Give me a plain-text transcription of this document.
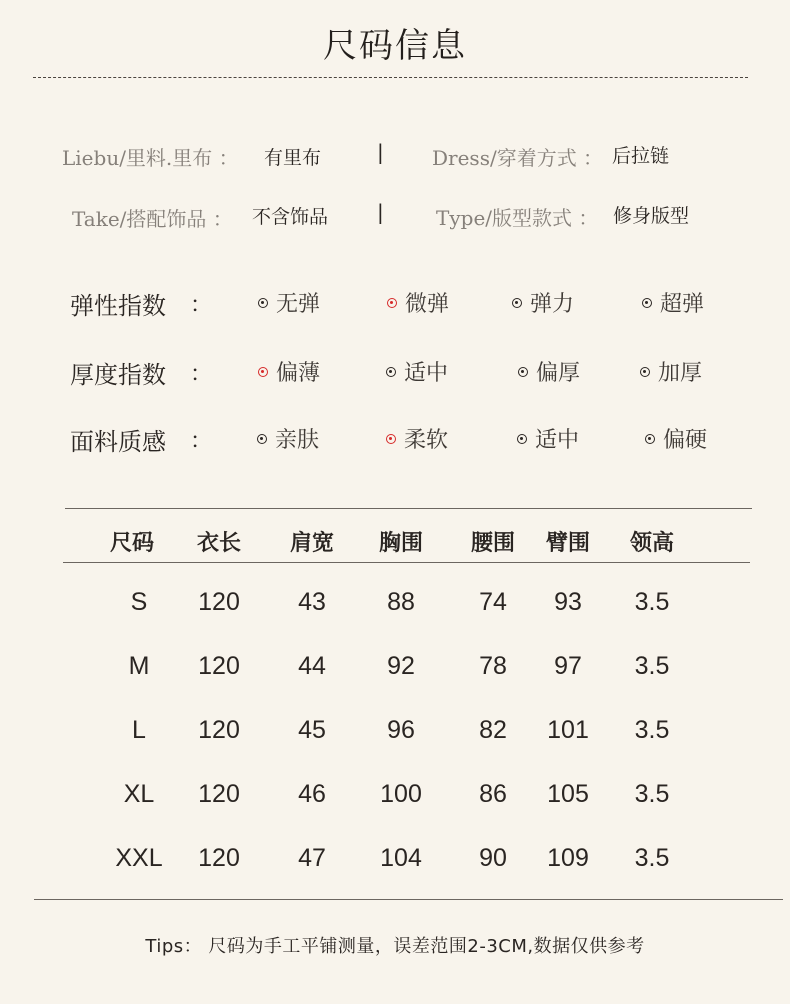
尺码信息
Liebu/里料.里布 ： 有里布	| Dress/穿着方式 ： 后拉链
Take/搭配饰品 ： 不含饰品 |	Type/版型款式 ： 修身版型
弹性指数 ：	无弹	微弹	弹力	超弹
厚度指数 ：	偏薄	适中	偏厚	加厚
面料质感 ：	亲肤	柔软	适中	偏硬
尺码	衣长	肩宽	胸围	腰围	臂围	领高
S	120	43	88	74	93	3.5
M	120	44	92	78	97	3.5
L	120	45	96	82	101	3.5
XL	120	46	100	86	105	3.5
XXL	120	47	104	90	109	3.5
Tips： 尺码为手工平铺测量，误差范围2-3CM,数据仅供参考
